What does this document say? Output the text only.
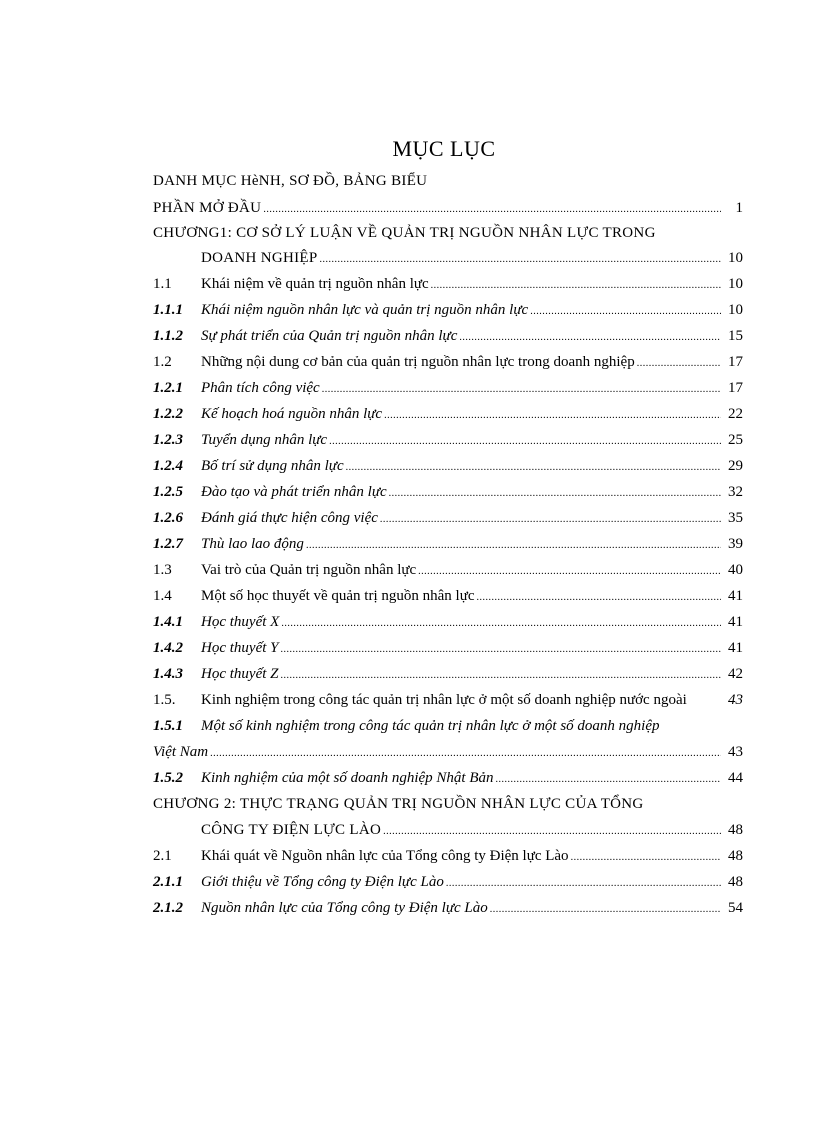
MỤC LỤC
DANH MỤC HèNH, SƠ ĐỒ, BẢNG BIỂU
PHẦN MỞ ĐẦU .....	1
CHƯƠNG1: CƠ SỞ LÝ LUẬN VỀ QUẢN TRỊ NGUỒN NHÂN LỰC TRONG
DOANH NGHIỆP .....	10
1.1	Khái niệm về quản trị nguồn nhân lực .....	10
1.1.1	Khái niệm nguồn nhân lực và quản trị nguồn nhân lực .....	10
1.1.2	Sự phát triển của Quản trị nguồn nhân lực .....	15
1.2	Những nội dung cơ bản của quản trị nguồn nhân lực trong doanh nghiệp .....	17
1.2.1	Phân tích công việc .....	17
1.2.2	Kế hoạch hoá nguồn nhân lực .....	22
1.2.3	Tuyển dụng nhân lực .....	25
1.2.4	Bố trí sử dụng nhân lực .....	29
1.2.5	Đào tạo và phát triển nhân lực .....	32
1.2.6	Đánh giá thực hiện công việc .....	35
1.2.7	Thù lao lao động .....	39
1.3	Vai trò của Quản trị nguồn nhân lực .....	40
1.4	Một số học thuyết về quản trị nguồn nhân lực .....	41
1.4.1	Học thuyết X .....	41
1.4.2	Học thuyết Y .....	41
1.4.3	Học thuyết Z .....	42
1.5.	Kinh nghiệm trong công tác quản trị nhân lực ở một số doanh nghiệp nước ngoài	43
1.5.1	Một số kinh nghiệm trong công tác quản trị nhân lực ở một số doanh nghiệp
Việt Nam .....	43
1.5.2	Kinh nghiệm của một số doanh nghiệp Nhật Bản .....	44
CHƯƠNG 2: THỰC TRẠNG QUẢN TRỊ NGUỒN NHÂN LỰC CỦA TỔNG
CÔNG TY ĐIỆN LỰC LÀO .....	48
2.1	Khái quát về Nguồn nhân lực của Tổng công ty Điện lực Lào .....	48
2.1.1	Giới thiệu về Tổng công ty Điện lực Lào .....	48
2.1.2	Nguồn nhân lực của Tổng công ty Điện lực Lào .....	54
